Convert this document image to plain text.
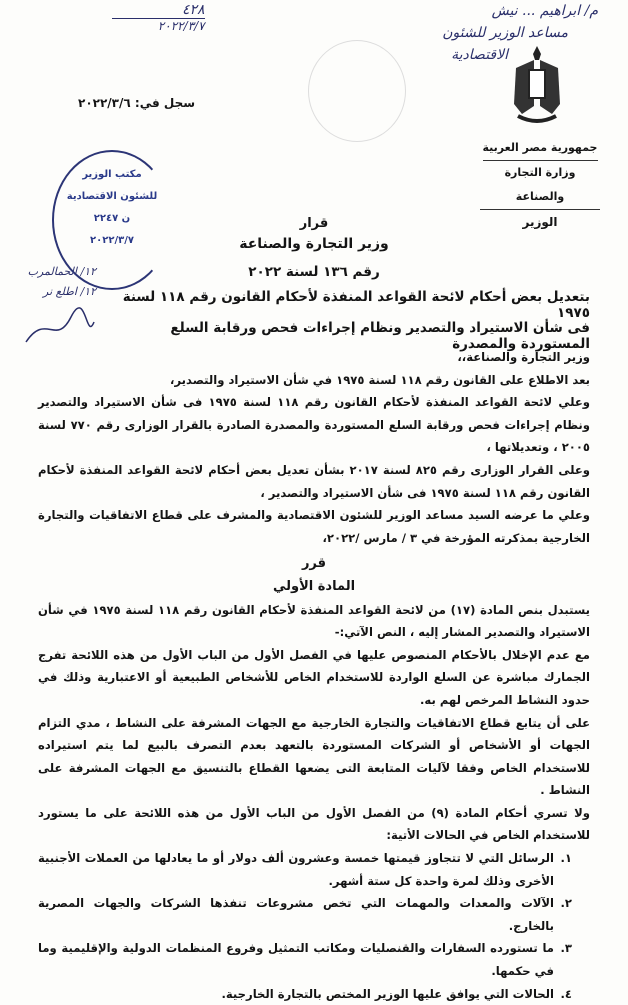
٤٢٨
٢٠٢٢/٣/٧
م/ ابراهيم ... نيش
مساعد الوزير للشئون
الاقتصادية
١٢/ الحمالمرب
١٢/ اطلع نر
جمهورية مصر العربية
وزارة التجارة والصناعة
الوزير
سجل في: ٢٠٢٢/٣/٦
مكتب الوزير
للشئون الاقتصادية
ن ٢٢٤٧
٢٠٢٢/٣/٧
قرار
وزير التجارة والصناعة
رقم ١٣٦ لسنة ٢٠٢٢
بتعديل بعض أحكام لائحة القواعد المنفذة لأحكام القانون رقم ١١٨ لسنة ١٩٧٥
فى شأن الاستيراد والتصدير ونظام إجراءات فحص ورقابة السلع المستوردة والمصدرة

وزير التجارة والصناعة،،

بعد الاطلاع على القانون رقم ١١٨ لسنة ١٩٧٥ في شأن الاستيراد والتصدير،

وعلي لائحة القواعد المنفذة لأحكام القانون رقم ١١٨ لسنة ١٩٧٥ فى شأن الاستيراد والتصدير ونظام إجراءات فحص ورقابة السلع المستوردة والمصدرة الصادرة بالقرار الوزارى رقم ٧٧٠ لسنة ٢٠٠٥ ، وتعديلاتها ،

وعلى القرار الوزارى رقم ٨٢٥ لسنة ٢٠١٧ بشأن تعديل بعض أحكام لائحة القواعد المنفذة لأحكام القانون رقم ١١٨ لسنة ١٩٧٥ فى شأن الاستيراد والتصدير ،

وعلي ما عرضه السيد مساعد الوزير للشئون الاقتصادية والمشرف على قطاع الاتفاقيات والتجارة الخارجية بمذكرته المؤرخة في ٣ / مارس /٢٠٢٢،

قرر

المادة الأولي

يستبدل بنص المادة (١٧) من لائحة القواعد المنفذة لأحكام القانون رقم ١١٨ لسنة ١٩٧٥ في شأن الاستيراد والتصدير المشار إليه ، النص الآتي:-

مع عدم الإخلال بالأحكام المنصوص عليها في الفصل الأول من الباب الأول من هذه اللائحة تفرج الجمارك مباشرة عن السلع الواردة للاستخدام الخاص للأشخاص الطبيعية أو الاعتبارية وذلك في حدود النشاط المرخص لهم به.

على أن يتابع قطاع الاتفاقيات والتجارة الخارجية مع الجهات المشرفة على النشاط ، مدي التزام الجهات أو الأشخاص أو الشركات المستوردة بالتعهد بعدم التصرف بالبيع لما يتم استيراده للاستخدام الخاص وفقا لآليات المتابعة التى يضعها القطاع بالتنسيق مع الجهات المشرفة على النشاط .

ولا تسري أحكام المادة (٩) من الفصل الأول من الباب الأول من هذه اللائحة على ما يستورد للاستخدام الخاص في الحالات الأتية:

١.
الرسائل التي لا تتجاوز قيمتها خمسة وعشرون ألف دولار أو ما يعادلها من العملات الأجنبية الأخرى وذلك لمرة واحدة كل ستة أشهر.
٢.
الآلات والمعدات والمهمات التي تخص مشروعات تنفذها الشركات والجهات المصرية بالخارج.
٣.
ما تستورده السفارات والقنصليات ومكاتب التمثيل وفروع المنظمات الدولية والإقليمية وما في حكمها.
٤.
الحالات التي يوافق عليها الوزير المختص بالتجارة الخارجية.
